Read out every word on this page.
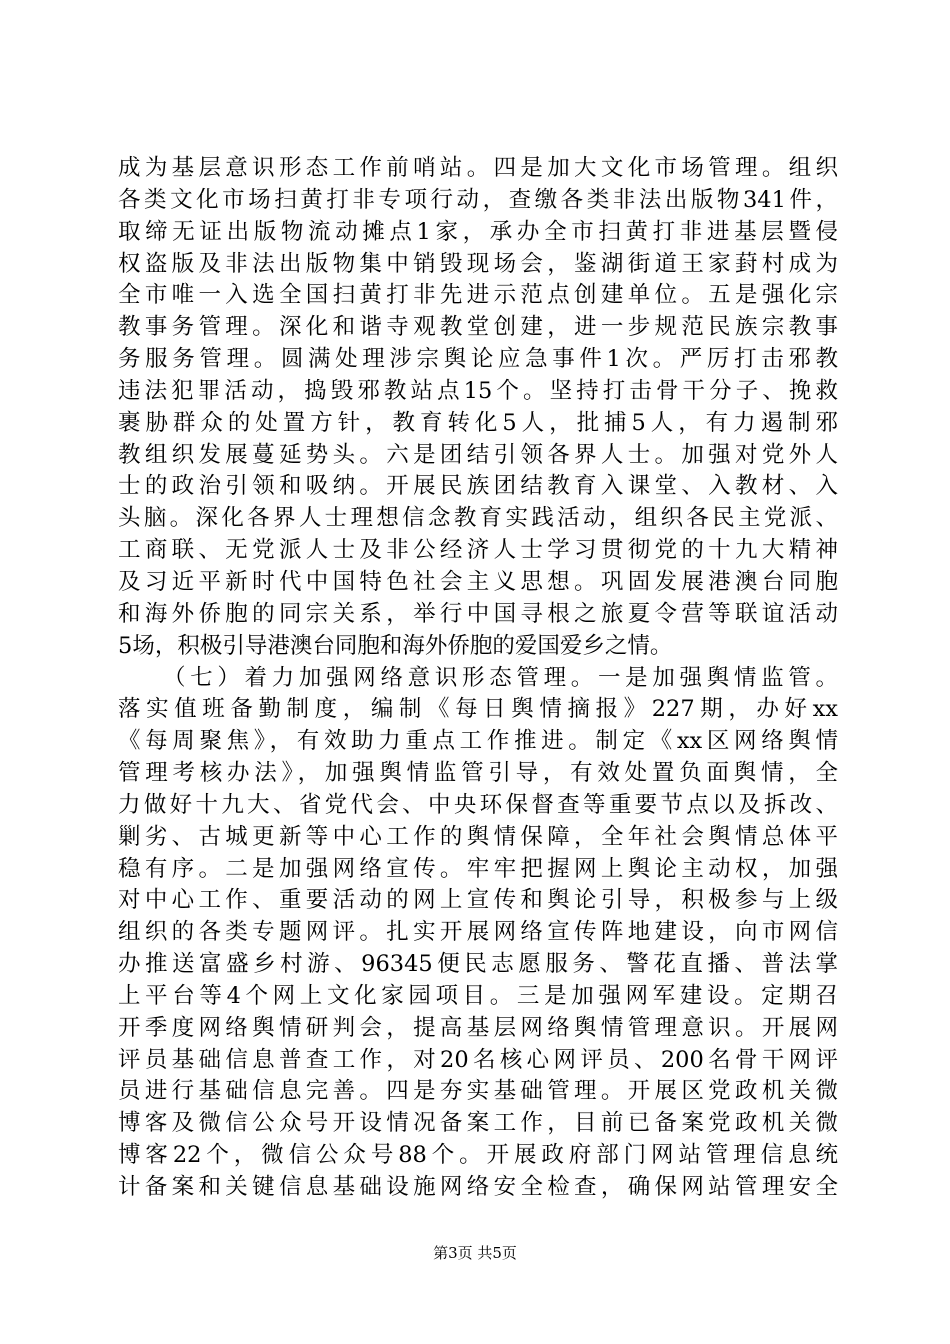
成为基层意识形态工作前哨站。四是加大文化市场管理。组织
各类文化市场扫黄打非专项行动，查缴各类非法出版物341件，
取缔无证出版物流动摊点1家，承办全市扫黄打非进基层暨侵
权盗版及非法出版物集中销毁现场会，鉴湖街道王家葑村成为
全市唯一入选全国扫黄打非先进示范点创建单位。五是强化宗
教事务管理。深化和谐寺观教堂创建，进一步规范民族宗教事
务服务管理。圆满处理涉宗舆论应急事件1次。严厉打击邪教
违法犯罪活动，捣毁邪教站点15个。坚持打击骨干分子、挽救
裹胁群众的处置方针，教育转化5人，批捕5人，有力遏制邪
教组织发展蔓延势头。六是团结引领各界人士。加强对党外人
士的政治引领和吸纳。开展民族团结教育入课堂、入教材、入
头脑。深化各界人士理想信念教育实践活动，组织各民主党派、
工商联、无党派人士及非公经济人士学习贯彻党的十九大精神
及习近平新时代中国特色社会主义思想。巩固发展港澳台同胞
和海外侨胞的同宗关系，举行中国寻根之旅夏令营等联谊活动
5场，积极引导港澳台同胞和海外侨胞的爱国爱乡之情。
（七）着力加强网络意识形态管理。一是加强舆情监管。
落实值班备勤制度，编制《每日舆情摘报》227期，办好xx
《每周聚焦》，有效助力重点工作推进。制定《xx区网络舆情
管理考核办法》，加强舆情监管引导，有效处置负面舆情，全
力做好十九大、省党代会、中央环保督查等重要节点以及拆改、
剿劣、古城更新等中心工作的舆情保障，全年社会舆情总体平
稳有序。二是加强网络宣传。牢牢把握网上舆论主动权，加强
对中心工作、重要活动的网上宣传和舆论引导，积极参与上级
组织的各类专题网评。扎实开展网络宣传阵地建设，向市网信
办推送富盛乡村游、96345便民志愿服务、警花直播、普法掌
上平台等4个网上文化家园项目。三是加强网军建设。定期召
开季度网络舆情研判会，提高基层网络舆情管理意识。开展网
评员基础信息普查工作，对20名核心网评员、200名骨干网评
员进行基础信息完善。四是夯实基础管理。开展区党政机关微
博客及微信公众号开设情况备案工作，目前已备案党政机关微
博客22个，微信公众号88个。开展政府部门网站管理信息统
计备案和关键信息基础设施网络安全检查，确保网站管理安全
第3页 共5页
